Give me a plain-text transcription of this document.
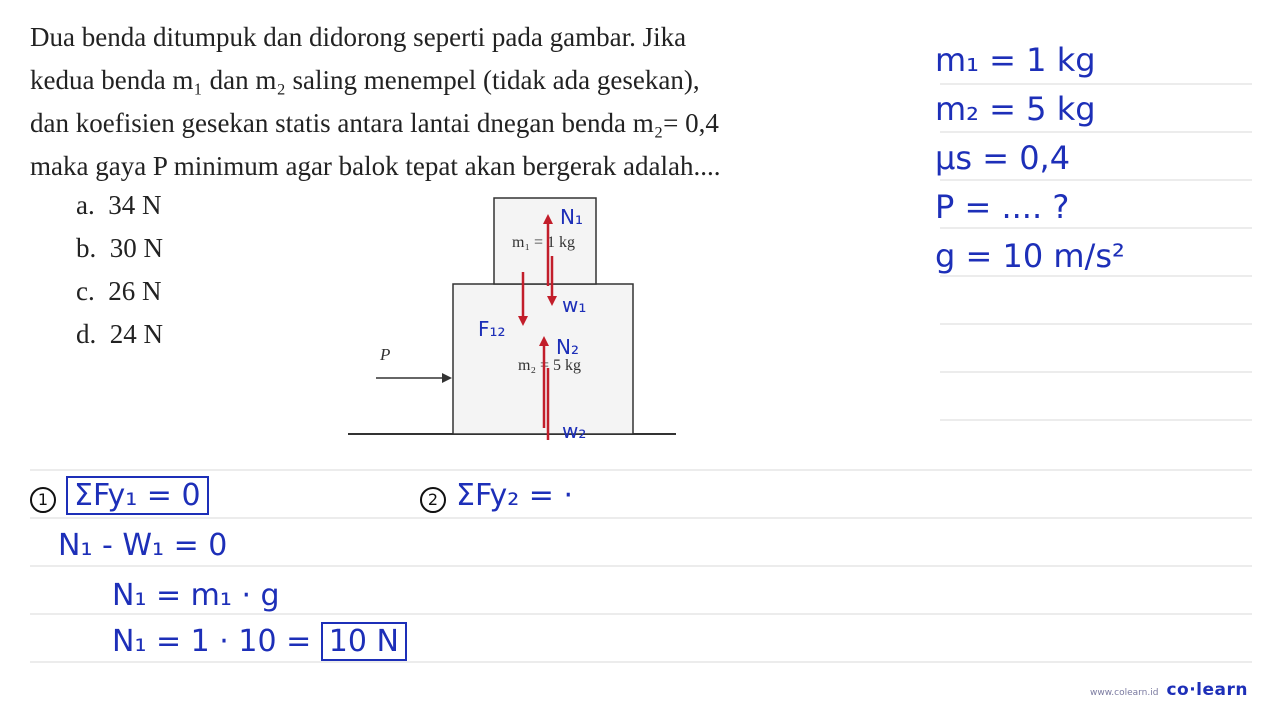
Dua benda ditumpuk dan didorong seperti pada gambar. Jika

kedua benda m₁ dan m₂ saling menempel (tidak ada gesekan),

dan koefisien gesekan statis antara lantai dnegan benda m₂= 0,4

maka gaya P minimum agar balok tepat akan bergerak adalah....

a. 34 N
b. 30 N
c. 26 N
d. 24 N
m₁ = 1 kg
m₂ = 5 kg
P
N₁
w₁
N₂
F₁₂
w₂
m₁ = 1 kg
m₂ = 5 kg
μs = 0,4
P = .... ?
g = 10 m/s²
1 ΣFy₁ = 0	2 ΣFy₂ = ·
N₁ - W₁ = 0
N₁ = m₁ · g
N₁ = 1 · 10 = 10 N
www.colearn.id co·learn
